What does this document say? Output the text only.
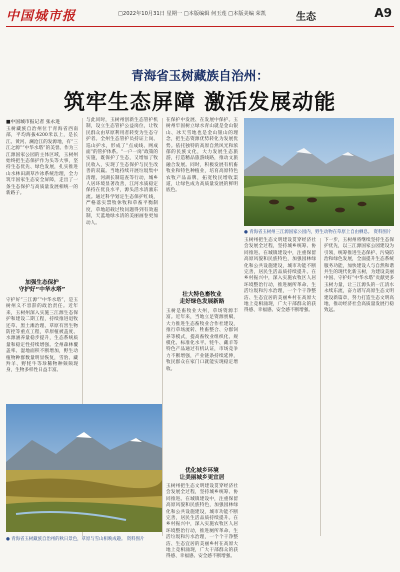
中国城市报	□2022年10月31日 星期一 □本版编辑 何玉莲 □本版美编 荣凯	生态	A9
青海省玉树藏族自治州：
筑牢生态屏障 激活发展动能
■中国城市报记者 张永进
玉树藏族自治州位于青海省西南部，平均海拔4200米以上，是长江、黄河、澜沧江的发源地，有“三江之源”“中华水塔”的美誉。作为三江源国家公园的主体区域，玉树州始终把生态保护作为头等大事，坚持生态优先、绿色发展，扎实推进山水林田湖草沙冰系统治理，全力筑牢国家生态安全屏障，走出了一条生态保护与高质量发展相统一的新路子。
加强生态保护
守护好“中华水塔”
守护好“三江源”“中华水塔”，是玉树州义不容辞的政治责任。近年来，玉树州深入实施三江源生态保护和建设二期工程，持续推进退牧还草、黑土滩治理、草原有害生物防控等重点工程，草原植被盖度、水源涵养量稳步提升，生态系统质量和稳定性持续增强。全州森林覆盖率、湿地面积不断增加，野生动植物种群数量明显恢复，雪豹、藏羚羊、野牦牛等珍稀物种频频现身，生物多样性日益丰富。
与此同时，玉树州创新生态管护机制，设立生态管护公益岗位，让牧民群众由草原利用者转变为生态守护者。全州生态管护员持证上岗、巡山护水，形成了“点成线、网成面”的管护体系。“一户一岗”政策的实施，既保护了生态，又增加了牧民收入，实现了生态保护与民生改善的双赢。当地持续开展垃圾集中清理、河湖长制巡查等行动，城乡人居环境显著改善，江河水质稳定保持在优良水平，源头活水清澈东流。通过科学划定生态保护红线，严格落实禁牧休牧和草畜平衡制度，草地超载过牧问题得到有效遏制，天蓝地绿水清的美丽画卷更加动人。
在保护中发展、在发展中保护。玉树州牢固树立绿水青山就是金山银山、冰天雪地也是金山银山的理念，把生态资源优势转化为发展优势。依托独特的高原自然风光和浓郁的民族文化，大力发展生态旅游，打造精品旅游线路，推动文旅融合发展。同时，积极发展有机畜牧业和特色种植业，培育高原特色农牧产品品牌，拓宽牧民增收渠道，让绿色成为高质量发展的鲜明底色。
壮大特色畜牧业
走好绿色发展新路
玉树是畜牧业大州，草场资源丰富。近年来，当地立足资源禀赋，大力推进生态畜牧业合作社建设，推行草场流转、牲畜整合、分群饲养等模式，提高畜牧业组织化、规模化、标准化水平。牦牛、藏羊等特色产品通过有机认证，市场竞争力不断增强，产业链条持续延伸，牧民群众在家门口就能实现稳定增收。
优化城乡环境
让美丽城乡更宜居
玉树州把生态文明建设贯穿经济社会发展全过程，坚持城乡统筹、协同推进。在城镇建设中，注重保留高原风貌和民族特色，加强园林绿化和公共设施建设，城市功能不断完善，居民生活品质持续提升。在乡村振兴中，深入实施农牧区人居环境整治行动，推进厕所革命、生活垃圾和污水治理，一个个干净整洁、生态宜居的美丽乡村在高原大地上竞相涌现，广大干部群众的获得感、幸福感、安全感不断增强。
● 青海省玉树州三江源国家公园内，野生动物在草原上自由栖息。 资料图片
玉树州把生态文明建设贯穿经济社会发展全过程，坚持城乡统筹、协同推进。在城镇建设中，注重保留高原风貌和民族特色，加强园林绿化和公共设施建设，城市功能不断完善，居民生活品质持续提升。在乡村振兴中，深入实施农牧区人居环境整治行动，推进厕所革命、生活垃圾和污水治理，一个个干净整洁、生态宜居的美丽乡村在高原大地上竞相涌现，广大干部群众的获得感、幸福感、安全感不断增强。
下一步，玉树州将继续坚持生态保护优先，以三江源国家公园建设为引领，统筹推进生态保护、污染防治和绿色发展，全面提升生态系统服务功能，加快建设人与自然和谐共生的现代化新玉树，为建设美丽中国、守护好“中华水塔”贡献更多玉树力量，让三江源头的一江清水永续东流，奋力谱写高原生态文明建设新篇章，努力打造生态文明高地，推动经济社会高质量发展行稳致远。
● 青海省玉树藏族自治州的秋日景色，草原与雪山相映成趣。 资料图片
